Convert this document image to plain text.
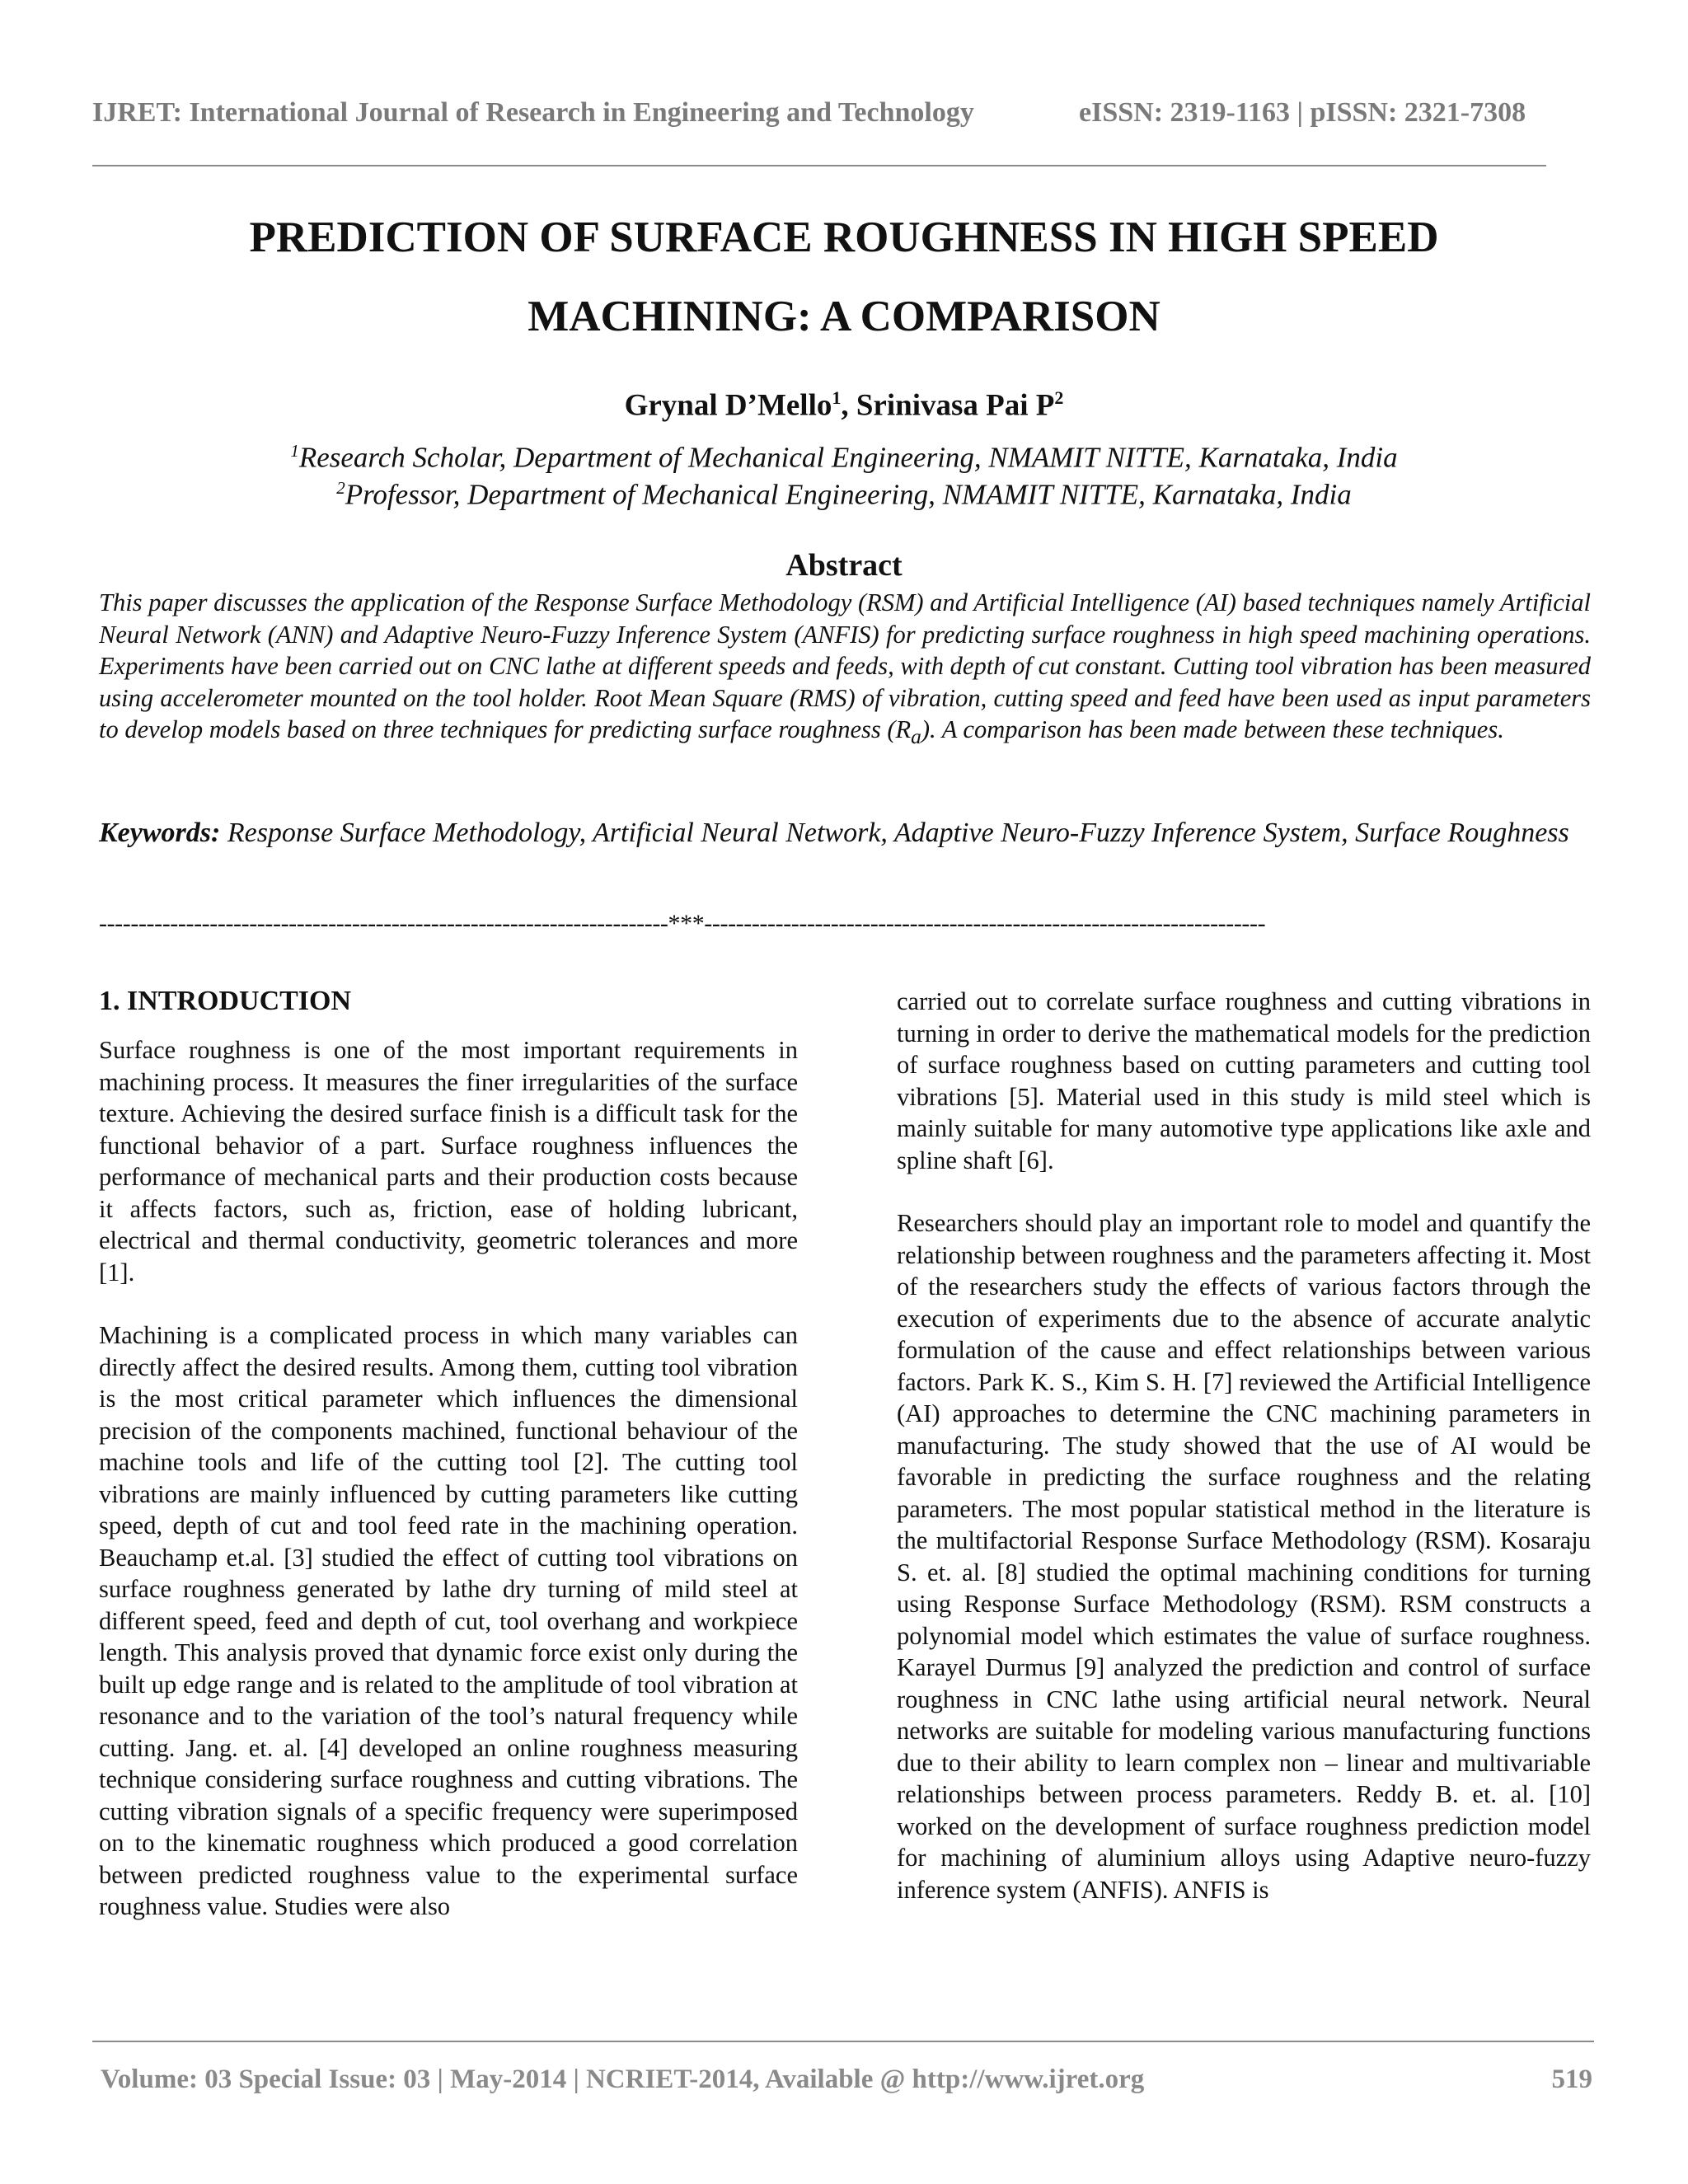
IJRET: International Journal of Research in Engineering and Technology	eISSN: 2319-1163 | pISSN: 2321-7308
PREDICTION OF SURFACE ROUGHNESS IN HIGH SPEED
MACHINING: A COMPARISON
Grynal D’Mello$^1$, Srinivasa Pai $P^2$
$^1$Research Scholar, Department of Mechanical Engineering, NMAMIT NITTE, Karnataka, India
$^2$Professor, Department of Mechanical Engineering, NMAMIT NITTE, Karnataka, India
Abstract
This paper discusses the application of the Response Surface Methodology (RSM) and Artificial Intelligence (AI) based techniques namely Artificial Neural Network (ANN) and Adaptive Neuro-Fuzzy Inference System (ANFIS) for predicting surface roughness in high speed machining operations. Experiments have been carried out on CNC lathe at different speeds and feeds, with depth of cut constant. Cutting tool vibration has been measured using accelerometer mounted on the tool holder. Root Mean Square (RMS) of vibration, cutting speed and feed have been used as input parameters to develop models based on three techniques for predicting surface roughness $(R_a)$. A comparison has been made between these techniques.
Keywords: Response Surface Methodology, Artificial Neural Network, Adaptive Neuro-Fuzzy Inference System, Surface Roughness
------------------------------------------------------------------------***-----------------------------------------------------------------------
1. INTRODUCTION

Surface roughness is one of the most important requirements in machining process. It measures the finer irregularities of the surface texture. Achieving the desired surface finish is a difficult task for the functional behavior of a part. Surface roughness influences the performance of mechanical parts and their production costs because it affects factors, such as, friction, ease of holding lubricant, electrical and thermal conductivity, geometric tolerances and more [1].

Machining is a complicated process in which many variables can directly affect the desired results. Among them, cutting tool vibration is the most critical parameter which influences the dimensional precision of the components machined, functional behaviour of the machine tools and life of the cutting tool [2]. The cutting tool vibrations are mainly influenced by cutting parameters like cutting speed, depth of cut and tool feed rate in the machining operation. Beauchamp et.al. [3] studied the effect of cutting tool vibrations on surface roughness generated by lathe dry turning of mild steel at different speed, feed and depth of cut, tool overhang and workpiece length. This analysis proved that dynamic force exist only during the built up edge range and is related to the amplitude of tool vibration at resonance and to the variation of the tool’s natural frequency while cutting. Jang. et. al. [4] developed an online roughness measuring technique considering surface roughness and cutting vibrations. The cutting vibration signals of a specific frequency were superimposed on to the kinematic roughness which produced a good correlation between predicted roughness value to the experimental surface roughness value. Studies were also

carried out to correlate surface roughness and cutting vibrations in turning in order to derive the mathematical models for the prediction of surface roughness based on cutting parameters and cutting tool vibrations [5]. Material used in this study is mild steel which is mainly suitable for many automotive type applications like axle and spline shaft [6].

Researchers should play an important role to model and quantify the relationship between roughness and the parameters affecting it. Most of the researchers study the effects of various factors through the execution of experiments due to the absence of accurate analytic formulation of the cause and effect relationships between various factors. Park K. S., Kim S. H. [7] reviewed the Artificial Intelligence (AI) approaches to determine the CNC machining parameters in manufacturing. The study showed that the use of AI would be favorable in predicting the surface roughness and the relating parameters. The most popular statistical method in the literature is the multifactorial Response Surface Methodology (RSM). Kosaraju S. et. al. [8] studied the optimal machining conditions for turning using Response Surface Methodology (RSM). RSM constructs a polynomial model which estimates the value of surface roughness. Karayel Durmus [9] analyzed the prediction and control of surface roughness in CNC lathe using artificial neural network. Neural networks are suitable for modeling various manufacturing functions due to their ability to learn complex non – linear and multivariable relationships between process parameters. Reddy B. et. al. [10] worked on the development of surface roughness prediction model for machining of aluminium alloys using Adaptive neuro-fuzzy inference system (ANFIS). ANFIS is

Volume: 03 Special Issue: 03 | May-2014 | NCRIET-2014, Available @ http://www.ijret.org	519
